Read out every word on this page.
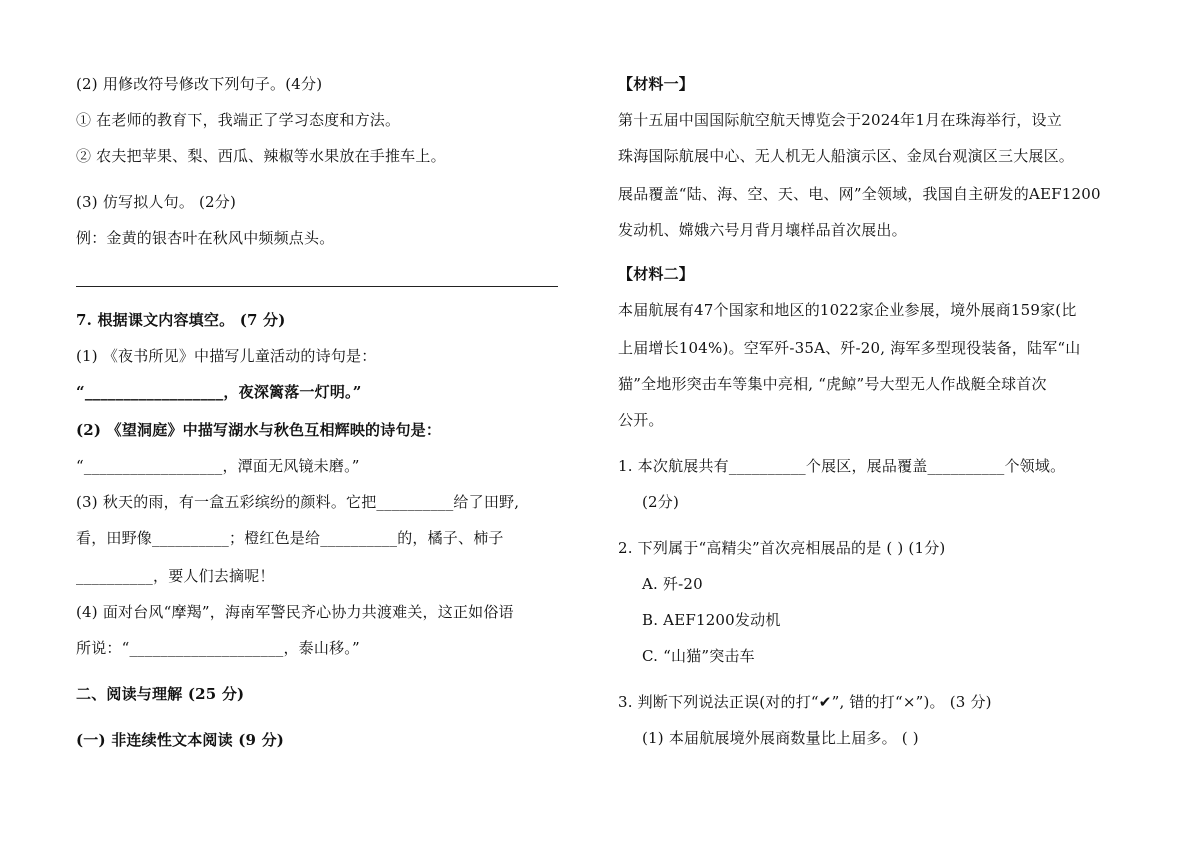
(2) 用修改符号修改下列句子。(4分)
① 在老师的教育下，我端正了学习态度和方法。
② 农夫把苹果、梨、西瓜、辣椒等水果放在手推车上。
(3) 仿写拟人句。 (2分)
例：金黄的银杏叶在秋风中频频点头。
7. 根据课文内容填空。 (7 分)
(1) 《夜书所见》中描写儿童活动的诗句是：
“__________________，夜深篱落一灯明。”
(2) 《望洞庭》中描写湖水与秋色互相辉映的诗句是：
“__________________，潭面无风镜未磨。”
(3) 秋天的雨，有一盒五彩缤纷的颜料。它把__________给了田野,
看，田野像__________；橙红色是给__________的，橘子、柿子
__________，要人们去摘呢！
(4) 面对台风“摩羯”，海南军警民齐心协力共渡难关，这正如俗语
所说：“____________________，泰山移。”
二、阅读与理解 (25 分)
(一) 非连续性文本阅读 (9 分)
【材料一】
第十五届中国国际航空航天博览会于2024年1月在珠海举行，设立
珠海国际航展中心、无人机无人船演示区、金凤台观演区三大展区。
展品覆盖“陆、海、空、天、电、网”全领域，我国自主研发的AEF1200
发动机、嫦娥六号月背月壤样品首次展出。
【材料二】
本届航展有47个国家和地区的1022家企业参展，境外展商159家(比
上届增长104%)。空军歼-35A、歼-20, 海军多型现役装备，陆军“山
猫”全地形突击车等集中亮相, “虎鲸”号大型无人作战艇全球首次
公开。
1. 本次航展共有__________个展区，展品覆盖__________个领域。
(2分)
2. 下列属于“高精尖”首次亮相展品的是 ( ) (1分)
A. 歼-20
B. AEF1200发动机
C. “山猫”突击车
3. 判断下列说法正误(对的打“✔”, 错的打“×”)。 (3 分)
(1) 本届航展境外展商数量比上届多。 ( )
